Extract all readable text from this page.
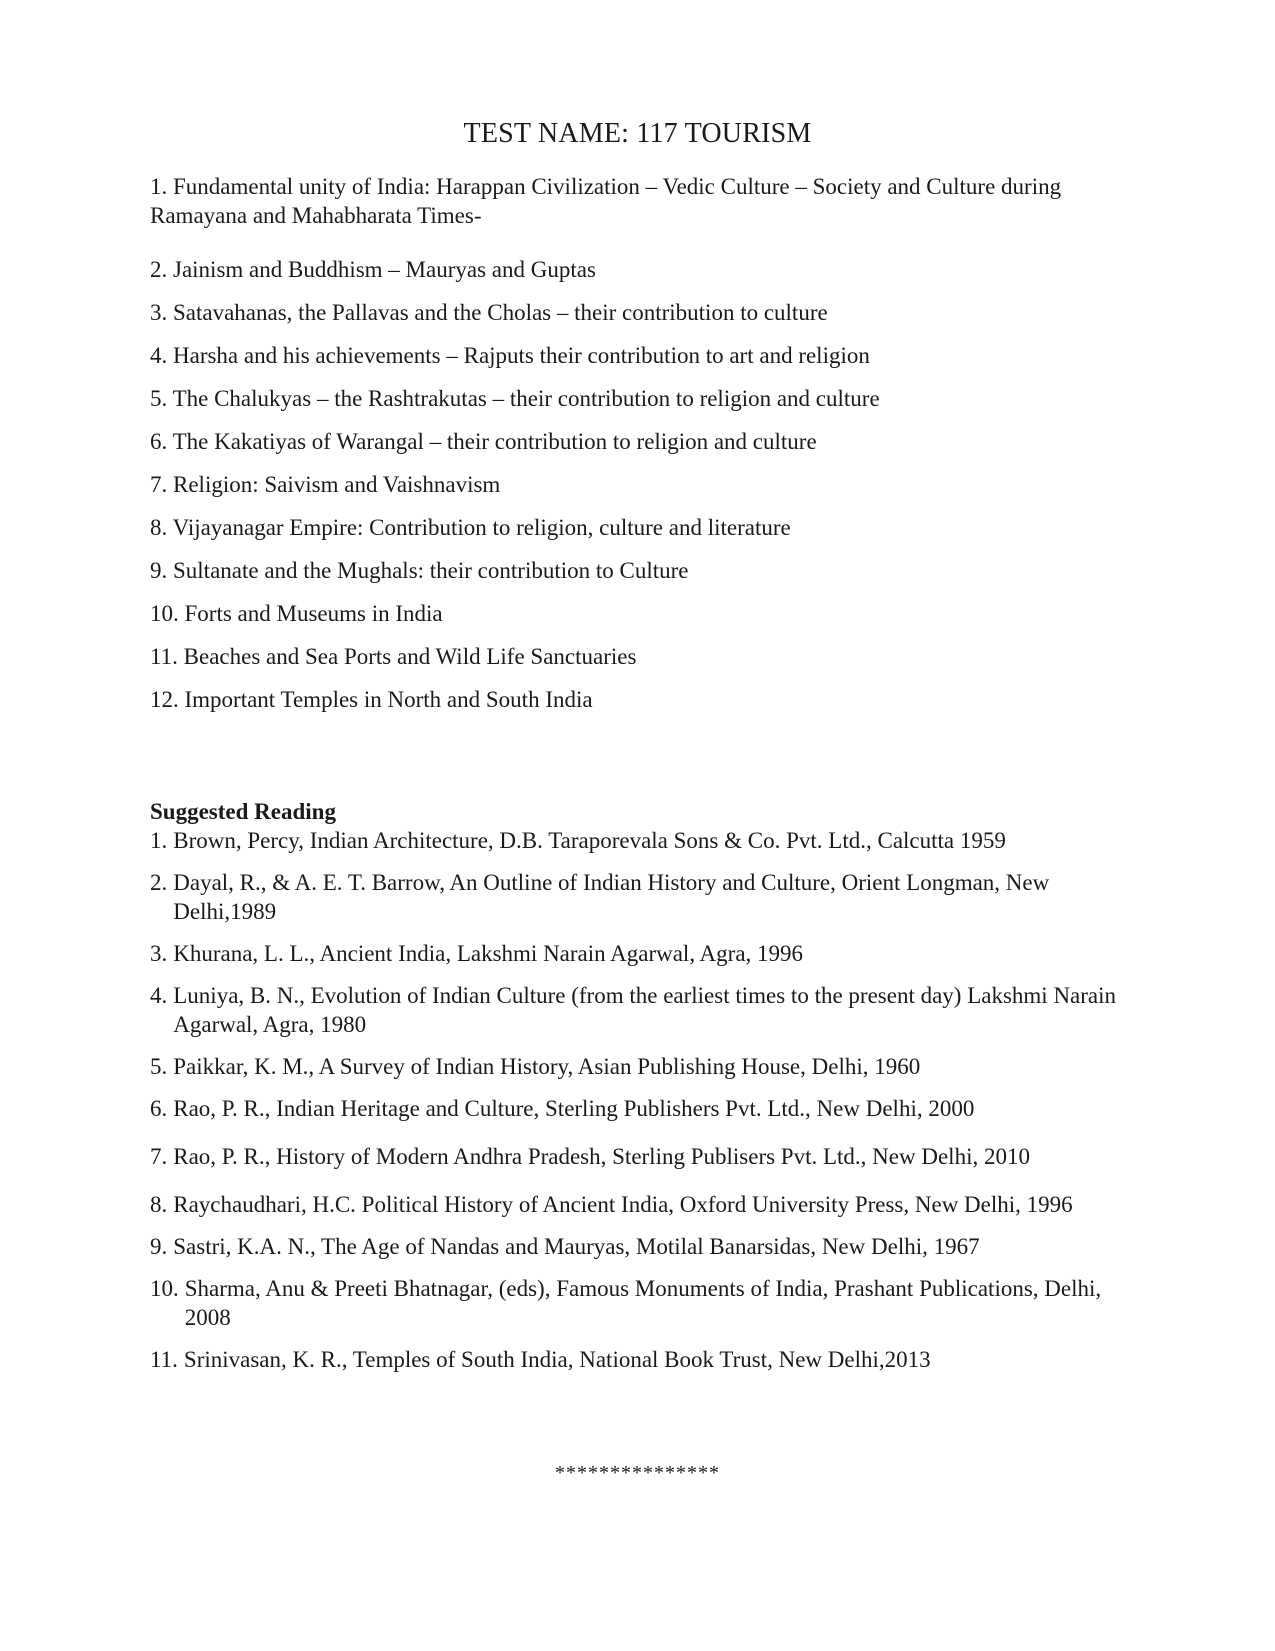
TEST NAME: 117 TOURISM
1. Fundamental unity of India: Harappan Civilization – Vedic Culture – Society and Culture during Ramayana and Mahabharata Times-
2. Jainism and Buddhism – Mauryas and Guptas
3. Satavahanas, the Pallavas and the Cholas – their contribution to culture
4. Harsha and his achievements – Rajputs their contribution to art and religion
5. The Chalukyas – the Rashtrakutas – their contribution to religion and culture
6. The Kakatiyas of Warangal – their contribution to religion and culture
7. Religion: Saivism and Vaishnavism
8. Vijayanagar Empire: Contribution to religion, culture and literature
9. Sultanate and the Mughals: their contribution to Culture
10. Forts and Museums in India
11. Beaches and Sea Ports and Wild Life Sanctuaries
12. Important Temples in North and South India
Suggested Reading
1. Brown, Percy, Indian Architecture, D.B. Taraporevala Sons & Co. Pvt. Ltd., Calcutta 1959
2. Dayal, R., & A. E. T. Barrow, An Outline of Indian History and Culture, Orient Longman, New Delhi,1989
3. Khurana, L. L., Ancient India, Lakshmi Narain Agarwal, Agra, 1996
4. Luniya, B. N., Evolution of Indian Culture (from the earliest times to the present day) Lakshmi Narain Agarwal, Agra, 1980
5. Paikkar, K. M., A Survey of Indian History, Asian Publishing House, Delhi, 1960
6. Rao, P. R., Indian Heritage and Culture, Sterling Publishers Pvt. Ltd., New Delhi, 2000
7. Rao, P. R., History of Modern Andhra Pradesh, Sterling Publisers Pvt. Ltd., New Delhi, 2010
8. Raychaudhari, H.C. Political History of Ancient India, Oxford University Press, New Delhi, 1996
9. Sastri, K.A. N., The Age of Nandas and Mauryas, Motilal Banarsidas, New Delhi, 1967
10. Sharma, Anu & Preeti Bhatnagar, (eds), Famous Monuments of India, Prashant Publications, Delhi, 2008
11. Srinivasan, K. R., Temples of South India, National Book Trust, New Delhi,2013
***************
